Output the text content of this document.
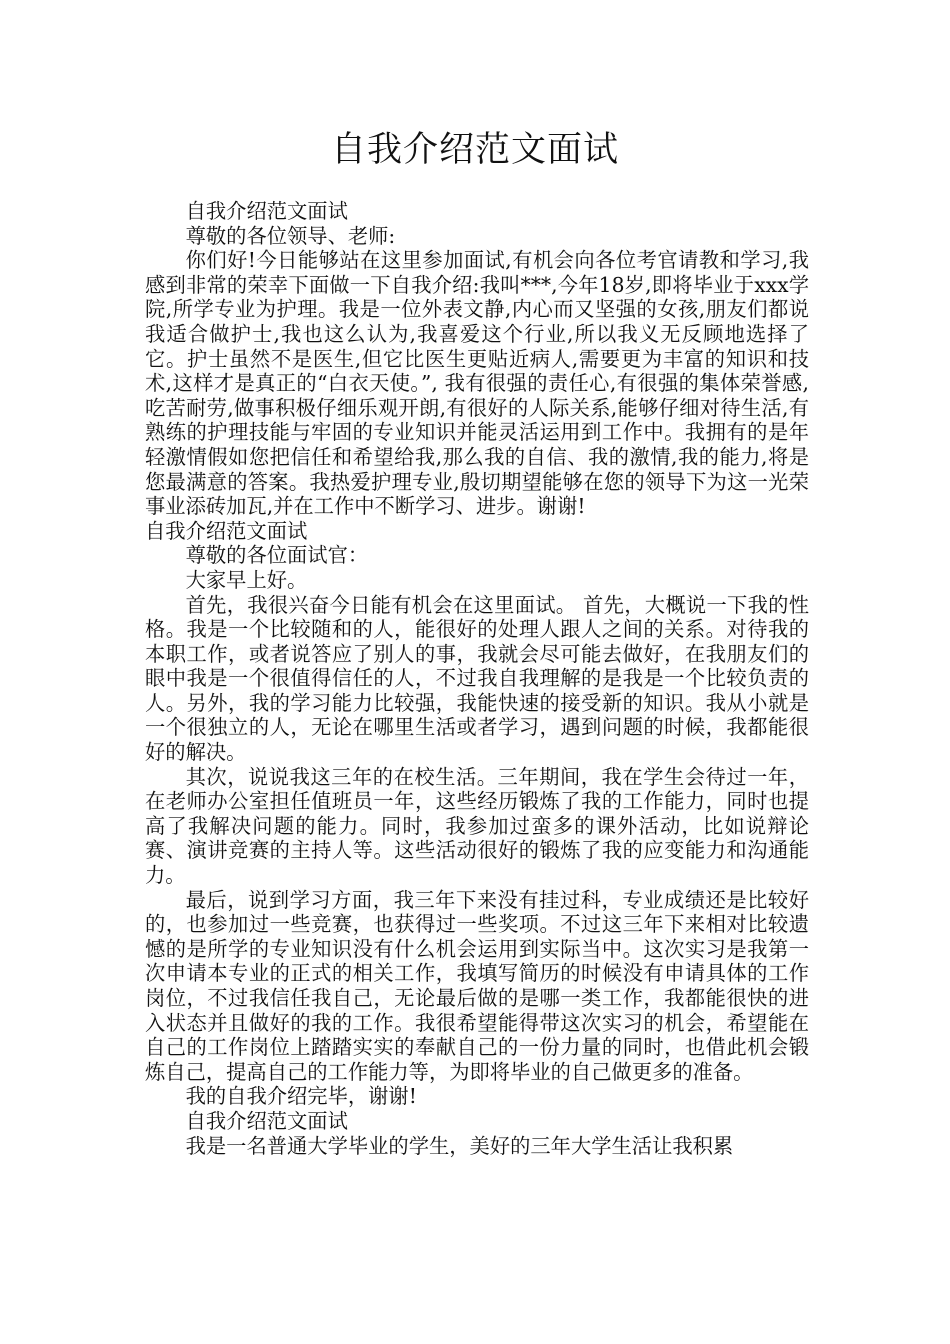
自我介绍范文面试

自我介绍范文面试

尊敬的各位领导、老师:

你们好!今日能够站在这里参加面试,有机会向各位考官请教和学习,我感到非常的荣幸下面做一下自我介绍:我叫***,今年18岁,即将毕业于xxx学院,所学专业为护理。我是一位外表文静,内心而又坚强的女孩,朋友们都说我适合做护士,我也这么认为,我喜爱这个行业,所以我义无反顾地选择了它。护士虽然不是医生,但它比医生更贴近病人,需要更为丰富的知识和技术,这样才是真正的“白衣天使。”, 我有很强的责任心,有很强的集体荣誉感,吃苦耐劳,做事积极仔细乐观开朗,有很好的人际关系,能够仔细对待生活,有熟练的护理技能与牢固的专业知识并能灵活运用到工作中。我拥有的是年轻激情假如您把信任和希望给我,那么我的自信、我的激情,我的能力,将是您最满意的答案。我热爱护理专业,殷切期望能够在您的领导下为这一光荣事业添砖加瓦,并在工作中不断学习、进步。谢谢!

自我介绍范文面试

尊敬的各位面试官：

大家早上好。

首先，我很兴奋今日能有机会在这里面试。 首先，大概说一下我的性格。我是一个比较随和的人，能很好的处理人跟人之间的关系。对待我的本职工作，或者说答应了别人的事，我就会尽可能去做好，在我朋友们的眼中我是一个很值得信任的人，不过我自我理解的是我是一个比较负责的人。另外，我的学习能力比较强，我能快速的接受新的知识。我从小就是一个很独立的人，无论在哪里生活或者学习，遇到问题的时候，我都能很好的解决。

其次，说说我这三年的在校生活。三年期间，我在学生会待过一年，在老师办公室担任值班员一年，这些经历锻炼了我的工作能力，同时也提高了我解决问题的能力。同时，我参加过蛮多的课外活动，比如说辩论赛、演讲竞赛的主持人等。这些活动很好的锻炼了我的应变能力和沟通能力。

最后，说到学习方面，我三年下来没有挂过科，专业成绩还是比较好的，也参加过一些竞赛，也获得过一些奖项。不过这三年下来相对比较遗憾的是所学的专业知识没有什么机会运用到实际当中。这次实习是我第一次申请本专业的正式的相关工作，我填写简历的时候没有申请具体的工作岗位，不过我信任我自己，无论最后做的是哪一类工作，我都能很快的进入状态并且做好的我的工作。我很希望能得带这次实习的机会，希望能在自己的工作岗位上踏踏实实的奉献自己的一份力量的同时，也借此机会锻炼自己，提高自己的工作能力等，为即将毕业的自己做更多的准备。

我的自我介绍完毕，谢谢!

自我介绍范文面试

我是一名普通大学毕业的学生，美好的三年大学生活让我积累
